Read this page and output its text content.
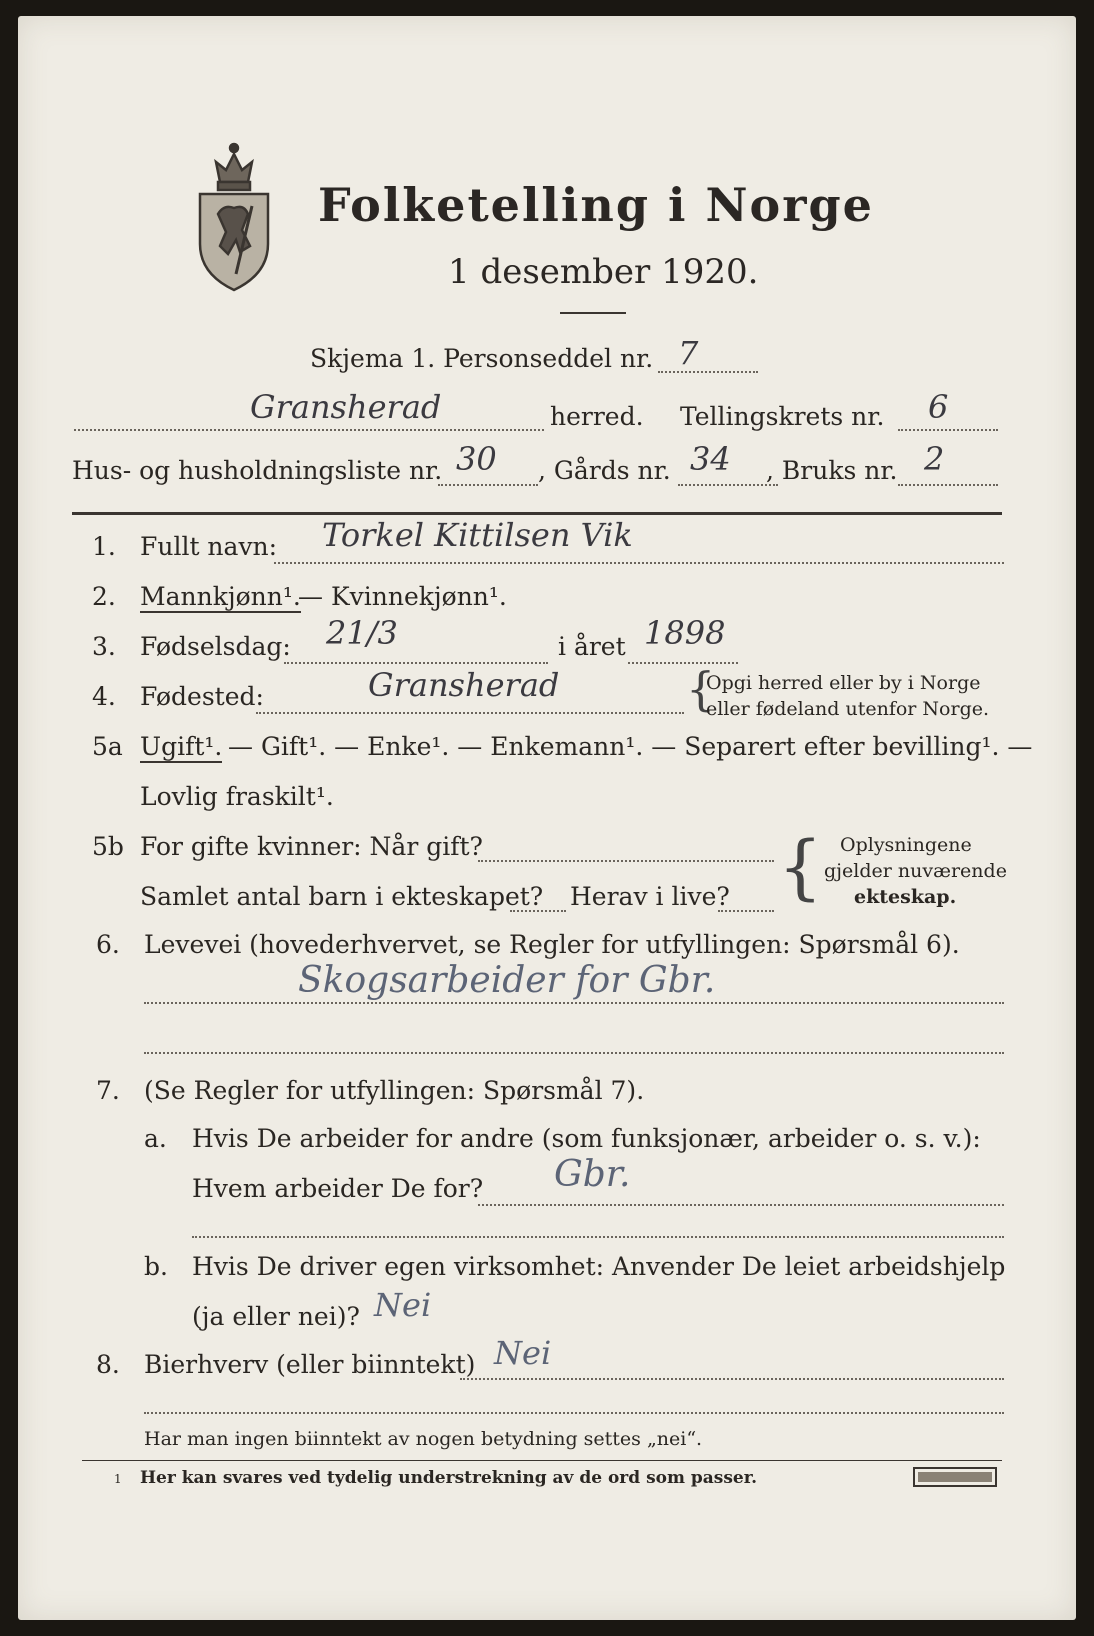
Folketelling i Norge
1 desember 1920.
Skjema 1. Personseddel nr. 7
Gransherad	herred. Tellingskrets nr. 6
Hus- og husholdningsliste nr. 30 , Gårds nr. 34 , Bruks nr. 2
1. Fullt navn: Torkel Kittilsen Vik
2. Mannkjønn¹.
— Kvinnekjønn¹.
3. Fødselsdag: 21/3	i året 1898
4. Fødested:	Gransherad	{
Opgi herred eller by i Norge
eller fødeland utenfor Norge.
5a Ugift¹. — Gift¹. — Enke¹. — Enkemann¹. — Separert efter bevilling¹. —
Lovlig fraskilt¹.
5b For gifte kvinner: Når gift?
Samlet antal barn i ekteskapet? Herav i live? { Oplysningene
gjelder nuværende
ekteskap.
6. Levevei (hovederhvervet, se Regler for utfyllingen: Spørsmål 6).
Skogsarbeider for Gbr.
7. (Se Regler for utfyllingen: Spørsmål 7).
a. Hvis De arbeider for andre (som funksjonær, arbeider o. s. v.):
Hvem arbeider De for? Gbr.
b. Hvis De driver egen virksomhet: Anvender De leiet arbeidshjelp
(ja eller nei)? Nei
8. Bierhverv (eller biinntekt) Nei
Har man ingen biinntekt av nogen betydning settes „nei“.
1 Her kan svares ved tydelig understrekning av de ord som passer.
